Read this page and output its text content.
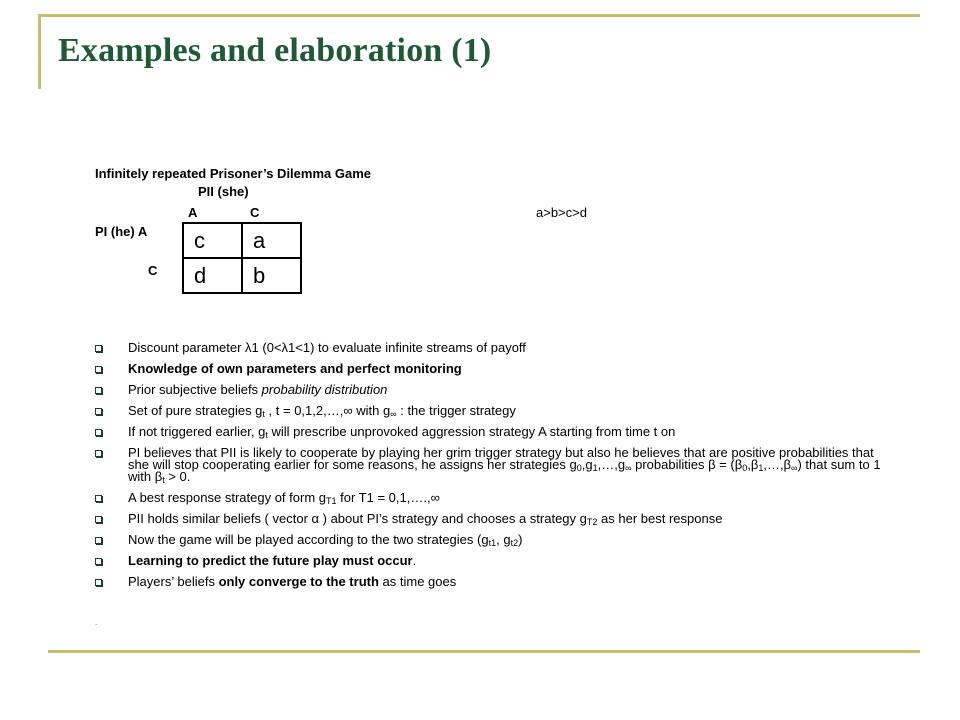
Examples and elaboration (1)
Infinitely repeated Prisoner’s Dilemma Game
PII (she)
A	C	a>b>c>d
PI (he) A
C
c	a
d	b
Discount parameter λ1 (0<λ1<1) to evaluate infinite streams of payoff
Knowledge of own parameters and perfect monitoring
Prior subjective beliefs probability distribution
Set of pure strategies $g_t$ , t = 0,1,2,…,∞ with $g_\infty$ : the trigger strategy
If not triggered earlier, $g_t$ will prescribe unprovoked aggression strategy A starting from time t on
PI believes that PII is likely to cooperate by playing her grim trigger strategy but also he believes that are positive probabilities that she will stop cooperating earlier for some reasons, he assigns her strategies $g_0,g_1,\dots,g_\infty$ probabilities $\beta = (\beta_0,\beta_1,\dots,\beta_\infty)$ that sum to 1 with $\beta_t > 0$.
A best response strategy of form $g_{T1}$ for T1 = 0,1,….,∞
PII holds similar beliefs ( vector α ) about PI’s strategy and chooses a strategy $g_{T2}$ as her best response
Now the game will be played according to the two strategies ($g_{t1}$, $g_{t2}$)
Learning to predict the future play must occur.
Players’ beliefs only converge to the truth as time goes
.
